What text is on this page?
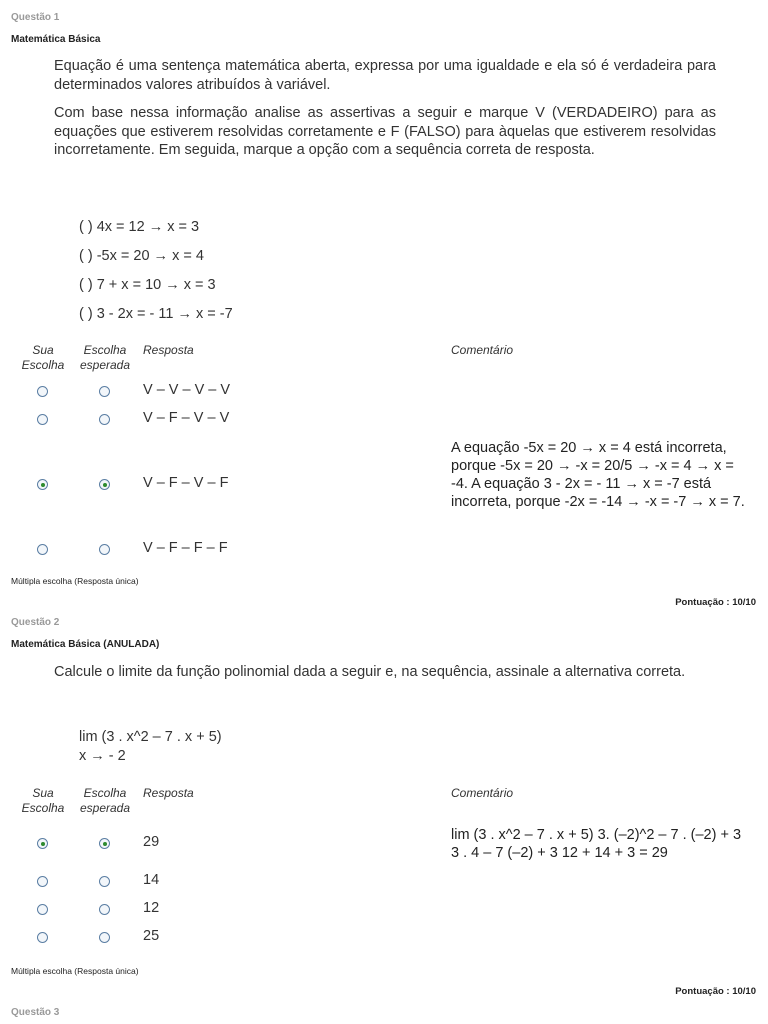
Questão 1
Matemática Básica
Equação é uma sentença matemática aberta, expressa por uma igualdade e ela só é verdadeira para determinados valores atribuídos à variável.
Com base nessa informação analise as assertivas a seguir e marque V (VERDADEIRO) para as equações que estiverem resolvidas corretamente e F (FALSO) para àquelas que estiverem resolvidas incorretamente. Em seguida, marque a opção com a sequência correta de resposta.
( ) 4x = 12 → x = 3
( ) -5x = 20 → x = 4
( ) 7 + x = 10 → x = 3
( ) 3 - 2x = - 11 → x = -7
Sua
Escolha
Escolha
esperada
Resposta	Comentário
V – V – V – V
V – F – V – V
V – F – V – F
V – F – F – F
A equação -5x = 20 → x = 4 está incorreta, porque -5x = 20 → -x = 20/5 → -x = 4 → x = -4. A equação 3 - 2x = - 11 → x = -7 está incorreta, porque -2x = -14 → -x = -7 → x = 7.
Múltipla escolha (Resposta única)
Pontuação : 10/10
Questão 2
Matemática Básica (ANULADA)
Calcule o limite da função polinomial dada a seguir e, na sequência, assinale a alternativa correta.
lim (3 . x^2 – 7 . x + 5)
x → - 2
Sua
Escolha
Escolha
esperada
Resposta	Comentário
29
14
12
25
lim (3 . x^2 – 7 . x + 5) 3. (–2)^2 – 7 . (–2) + 3 3 . 4 – 7 (–2) + 3 12 + 14 + 3 = 29
Múltipla escolha (Resposta única)
Pontuação : 10/10
Questão 3
